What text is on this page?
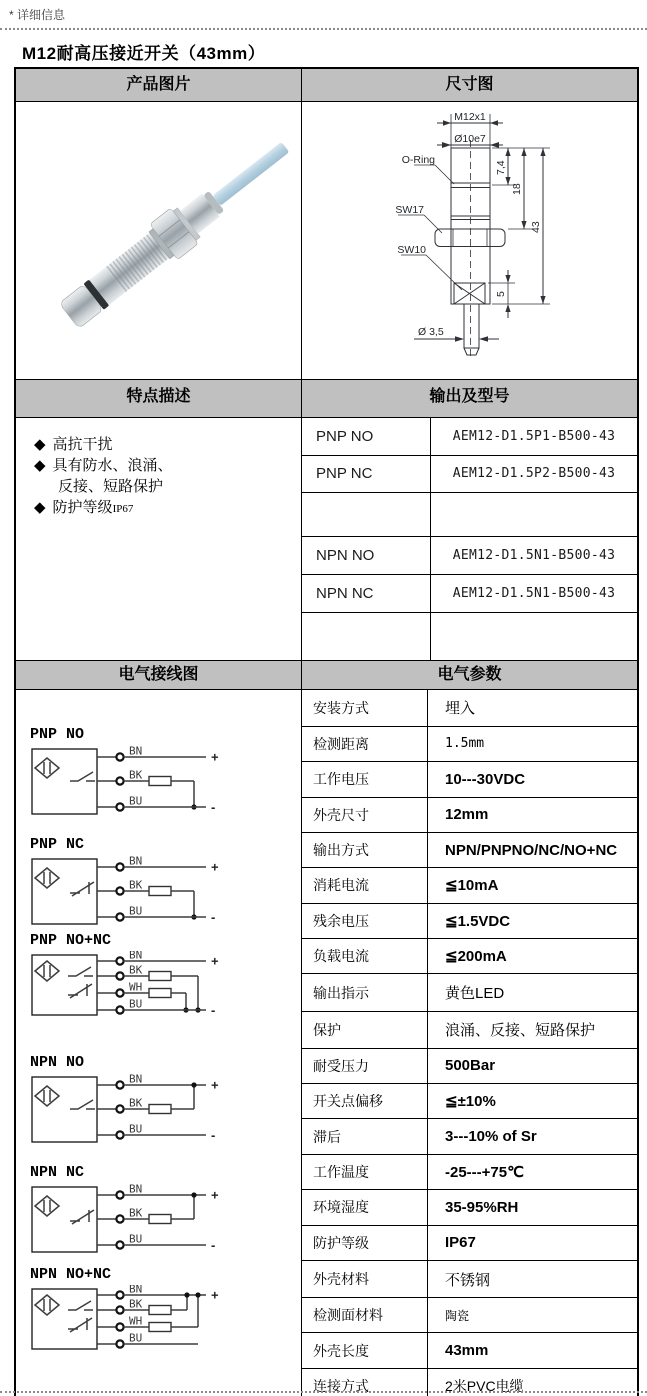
* 详细信息
M12耐高压接近开关（43mm）
产品图片	尺寸图
M12x1
Ø10e7
O-Ring
SW17
SW10
7,4
18
43
5
Ø 3,5
特点描述	输出及型号
◆ 高抗干扰
◆ 具有防水、浪涌、
反接、短路保护
◆ 防护等级IP67
PNP NO	AEM12-D1.5P1-B500-43
PNP NC	AEM12-D1.5P2-B500-43

NPN NO	AEM12-D1.5N1-B500-43
NPN NC	AEM12-D1.5N1-B500-43

电气接线图	电气参数
PNP NO
BN	+
BK
BU	-
PNP NC
BN	+
BK
BU	-
PNP NO+NC
BN	+
BK
WH
BU	-
NPN NO
BN	+
BK
BU	-
NPN NC
BN	+
BK
BU	-
NPN NO+NC
BN	+
BK
WH
BU
安装方式	埋入
检测距离	1.5mm
工作电压	10---30VDC
外壳尺寸	12mm
输出方式	NPN/PNPNO/NC/NO+NC
消耗电流	≦10mA
残余电压	≦1.5VDC
负载电流	≦200mA
输出指示	黄色LED
保护	浪涌、反接、短路保护
耐受压力	500Bar
开关点偏移	≦±10%
滞后	3---10% of Sr
工作温度	-25---+75℃
环境湿度	35-95%RH
防护等级	IP67
外壳材料	不锈钢
检测面材料	陶瓷
外壳长度	43mm
连接方式	2米PVC电缆
